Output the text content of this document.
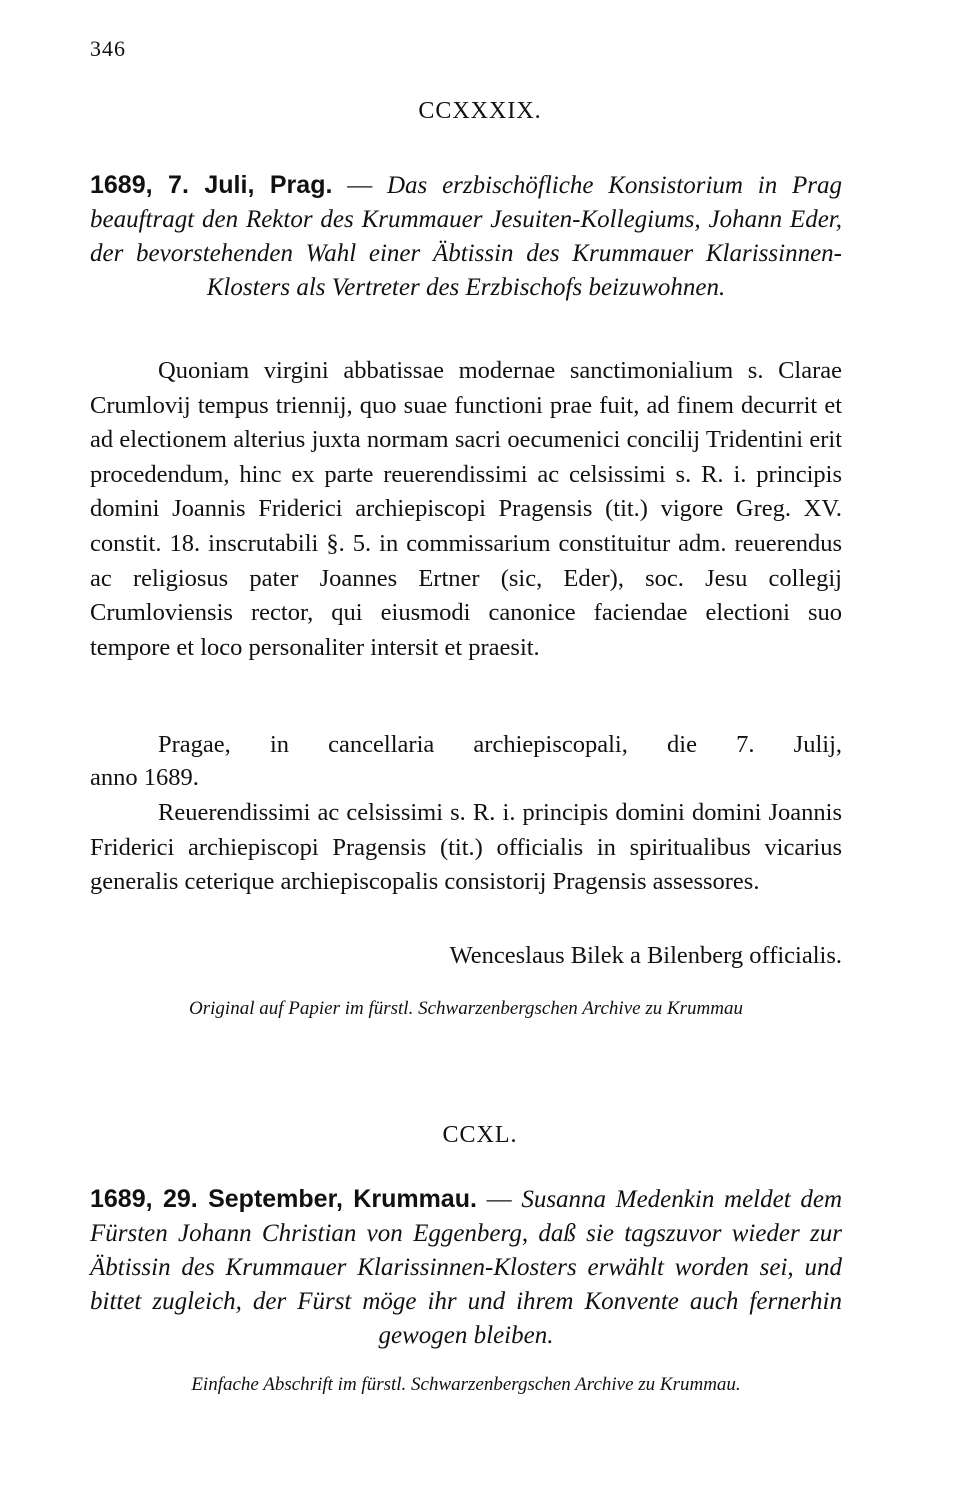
346
CCXXXIX.
1689, 7. Juli, Prag. — Das erzbischöfliche Konsistorium in Prag beauftragt den Rektor des Krummauer Jesuiten-Kollegiums, Johann Eder, der bevorstehenden Wahl einer Äbtissin des Krummauer Klarissinnen-Klosters als Vertreter des Erzbischofs beizuwohnen.

Quoniam virgini abbatissae modernae sanctimonialium s. Clarae Crumlovij tempus triennij, quo suae functioni prae fuit, ad finem decurrit et ad electionem alterius juxta normam sacri oecumenici concilij Tridentini erit procedendum, hinc ex parte reuerendissimi ac celsissimi s. R. i. principis domini Joannis Friderici archiepiscopi Pragensis (tit.) vigore Greg. XV. constit. 18. inscrutabili §. 5. in commissarium constituitur adm. reuerendus ac religiosus pater Joannes Ertner (sic, Eder), soc. Jesu collegij Crumloviensis rector, qui eiusmodi canonice faciendae electioni suo tempore et loco personaliter intersit et praesit.

Pragae, in cancellaria archiepiscopali, die 7. Julij,
anno 1689.
Reuerendissimi ac celsissimi s. R. i. principis domini domini Joannis Friderici archiepiscopi Pragensis (tit.) officialis in spiritualibus vicarius generalis ceterique archiepiscopalis consistorij Pragensis assessores.
Wenceslaus Bilek a Bilenberg officialis.
Original auf Papier im fürstl. Schwarzenbergschen Archive zu Krummau
CCXL.
1689, 29. September, Krummau. — Susanna Medenkin meldet dem Fürsten Johann Christian von Eggenberg, daß sie tagszuvor wieder zur Äbtissin des Krummauer Klarissinnen-Klosters erwählt worden sei, und bittet zugleich, der Fürst möge ihr und ihrem Konvente auch fernerhin gewogen bleiben.
Einfache Abschrift im fürstl. Schwarzenbergschen Archive zu Krummau.
